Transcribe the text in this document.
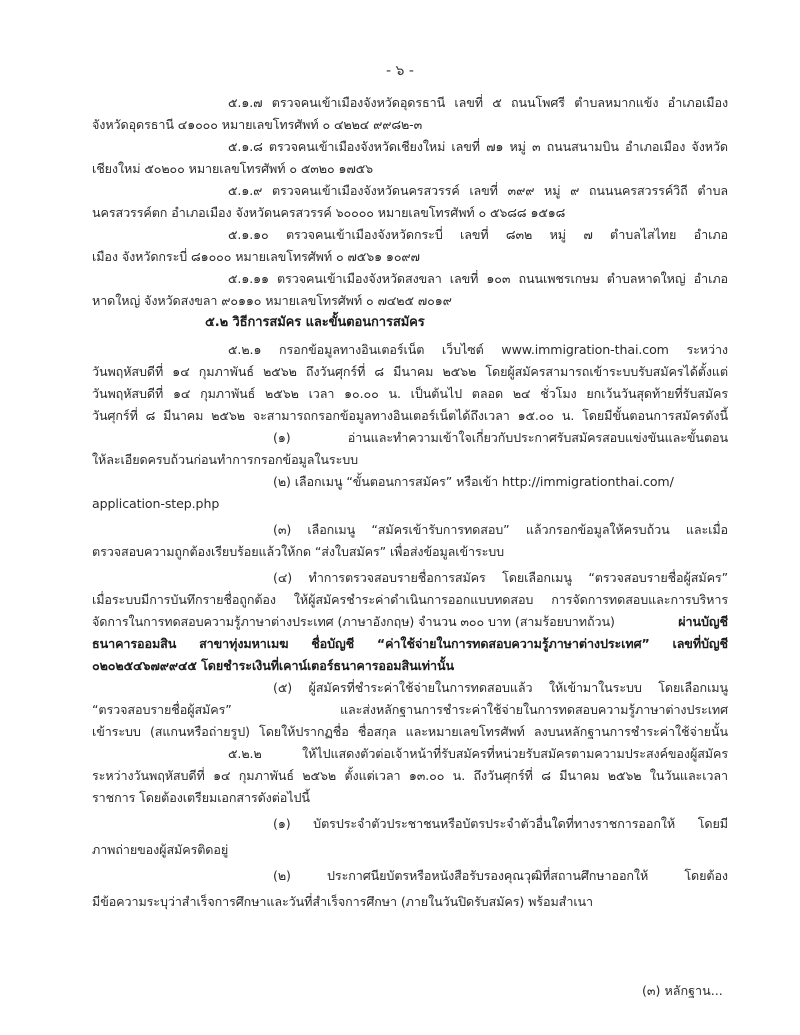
- ๖ -
๕.๑.๗ ตรวจคนเข้าเมืองจังหวัดอุดรธานี เลขที่ ๕ ถนนโพศรี ตำบลหมากแข้ง อำเภอเมือง
จังหวัดอุดรธานี ๔๑๐๐๐ หมายเลขโทรศัพท์ ๐ ๔๒๒๔ ๙๙๘๒-๓
๕.๑.๘ ตรวจคนเข้าเมืองจังหวัดเชียงใหม่ เลขที่ ๗๑ หมู่ ๓ ถนนสนามบิน อำเภอเมือง จังหวัด
เชียงใหม่ ๕๐๒๐๐ หมายเลขโทรศัพท์ ๐ ๕๓๒๐ ๑๗๕๖
๕.๑.๙ ตรวจคนเข้าเมืองจังหวัดนครสวรรค์ เลขที่ ๓๙๙ หมู่ ๙ ถนนนครสวรรค์วิถี ตำบล
นครสวรรค์ตก อำเภอเมือง จังหวัดนครสวรรค์ ๖๐๐๐๐ หมายเลขโทรศัพท์ ๐ ๕๖๘๘ ๑๕๑๘
๕.๑.๑๐ ตรวจคนเข้าเมืองจังหวัดกระบี่ เลขที่ ๘๓๒ หมู่ ๗ ตำบลไสไทย อำเภอ
เมือง จังหวัดกระบี่ ๘๑๐๐๐ หมายเลขโทรศัพท์ ๐ ๗๕๖๑ ๑๐๙๗
๕.๑.๑๑ ตรวจคนเข้าเมืองจังหวัดสงขลา เลขที่ ๑๐๓ ถนนเพชรเกษม ตำบลหาดใหญ่ อำเภอ
หาดใหญ่ จังหวัดสงขลา ๙๐๑๑๐ หมายเลขโทรศัพท์ ๐ ๗๔๒๕ ๗๐๑๙
๕.๒ วิธีการสมัคร และขั้นตอนการสมัคร
๕.๒.๑ กรอกข้อมูลทางอินเตอร์เน็ต เว็บไซต์ www.immigration-thai.com ระหว่าง
วันพฤหัสบดีที่ ๑๔ กุมภาพันธ์ ๒๕๖๒ ถึงวันศุกร์ที่ ๘ มีนาคม ๒๕๖๒ โดยผู้สมัครสามารถเข้าระบบรับสมัครได้ตั้งแต่
วันพฤหัสบดีที่ ๑๔ กุมภาพันธ์ ๒๕๖๒ เวลา ๑๐.๐๐ น. เป็นต้นไป ตลอด ๒๔ ชั่วโมง ยกเว้นวันสุดท้ายที่รับสมัคร
วันศุกร์ที่ ๘ มีนาคม ๒๕๖๒ จะสามารถกรอกข้อมูลทางอินเตอร์เน็ตได้ถึงเวลา ๑๕.๐๐ น. โดยมีขั้นตอนการสมัครดังนี้
(๑) อ่านและทำความเข้าใจเกี่ยวกับประกาศรับสมัครสอบแข่งขันและขั้นตอน
ให้ละเอียดครบถ้วนก่อนทำการกรอกข้อมูลในระบบ
(๒) เลือกเมนู “ขั้นตอนการสมัคร” หรือเข้า http://immigrationthai.com/
application-step.php
(๓) เลือกเมนู “สมัครเข้ารับการทดสอบ” แล้วกรอกข้อมูลให้ครบถ้วน และเมื่อ
ตรวจสอบความถูกต้องเรียบร้อยแล้วให้กด “ส่งใบสมัคร” เพื่อส่งข้อมูลเข้าระบบ
(๔) ทำการตรวจสอบรายชื่อการสมัคร โดยเลือกเมนู “ตรวจสอบรายชื่อผู้สมัคร”
เมื่อระบบมีการบันทึกรายชื่อถูกต้อง ให้ผู้สมัครชำระค่าดำเนินการออกแบบทดสอบ การจัดการทดสอบและการบริหาร
จัดการในการทดสอบความรู้ภาษาต่างประเทศ (ภาษาอังกฤษ) จำนวน ๓๐๐ บาท (สามร้อยบาทถ้วน)	ผ่านบัญชี
ธนาคารออมสิน สาขาทุ่งมหาเมฆ ชื่อบัญชี “ค่าใช้จ่ายในการทดสอบความรู้ภาษาต่างประเทศ” เลขที่บัญชี
๐๒๐๒๕๔๖๗๙๙๔๕ โดยชำระเงินที่เคาน์เตอร์ธนาคารออมสินเท่านั้น
(๕) ผู้สมัครที่ชำระค่าใช้จ่ายในการทดสอบแล้ว ให้เข้ามาในระบบ โดยเลือกเมนู
“ตรวจสอบรายชื่อผู้สมัคร” และส่งหลักฐานการชำระค่าใช้จ่ายในการทดสอบความรู้ภาษาต่างประเทศ
เข้าระบบ (สแกนหรือถ่ายรูป) โดยให้ปรากฏชื่อ ชื่อสกุล และหมายเลขโทรศัพท์ ลงบนหลักฐานการชำระค่าใช้จ่ายนั้น
๕.๒.๒ ให้ไปแสดงตัวต่อเจ้าหน้าที่รับสมัครที่หน่วยรับสมัครตามความประสงค์ของผู้สมัคร
ระหว่างวันพฤหัสบดีที่ ๑๔ กุมภาพันธ์ ๒๕๖๒ ตั้งแต่เวลา ๑๓.๐๐ น. ถึงวันศุกร์ที่ ๘ มีนาคม ๒๕๖๒ ในวันและเวลา
ราชการ โดยต้องเตรียมเอกสารดังต่อไปนี้
(๑) บัตรประจำตัวประชาชนหรือบัตรประจำตัวอื่นใดที่ทางราชการออกให้ โดยมี
ภาพถ่ายของผู้สมัครติดอยู่
(๒) ประกาศนียบัตรหรือหนังสือรับรองคุณวุฒิที่สถานศึกษาออกให้ โดยต้อง
มีข้อความระบุว่าสำเร็จการศึกษาและวันที่สำเร็จการศึกษา (ภายในวันปิดรับสมัคร) พร้อมสำเนา
(๓) หลักฐาน...
